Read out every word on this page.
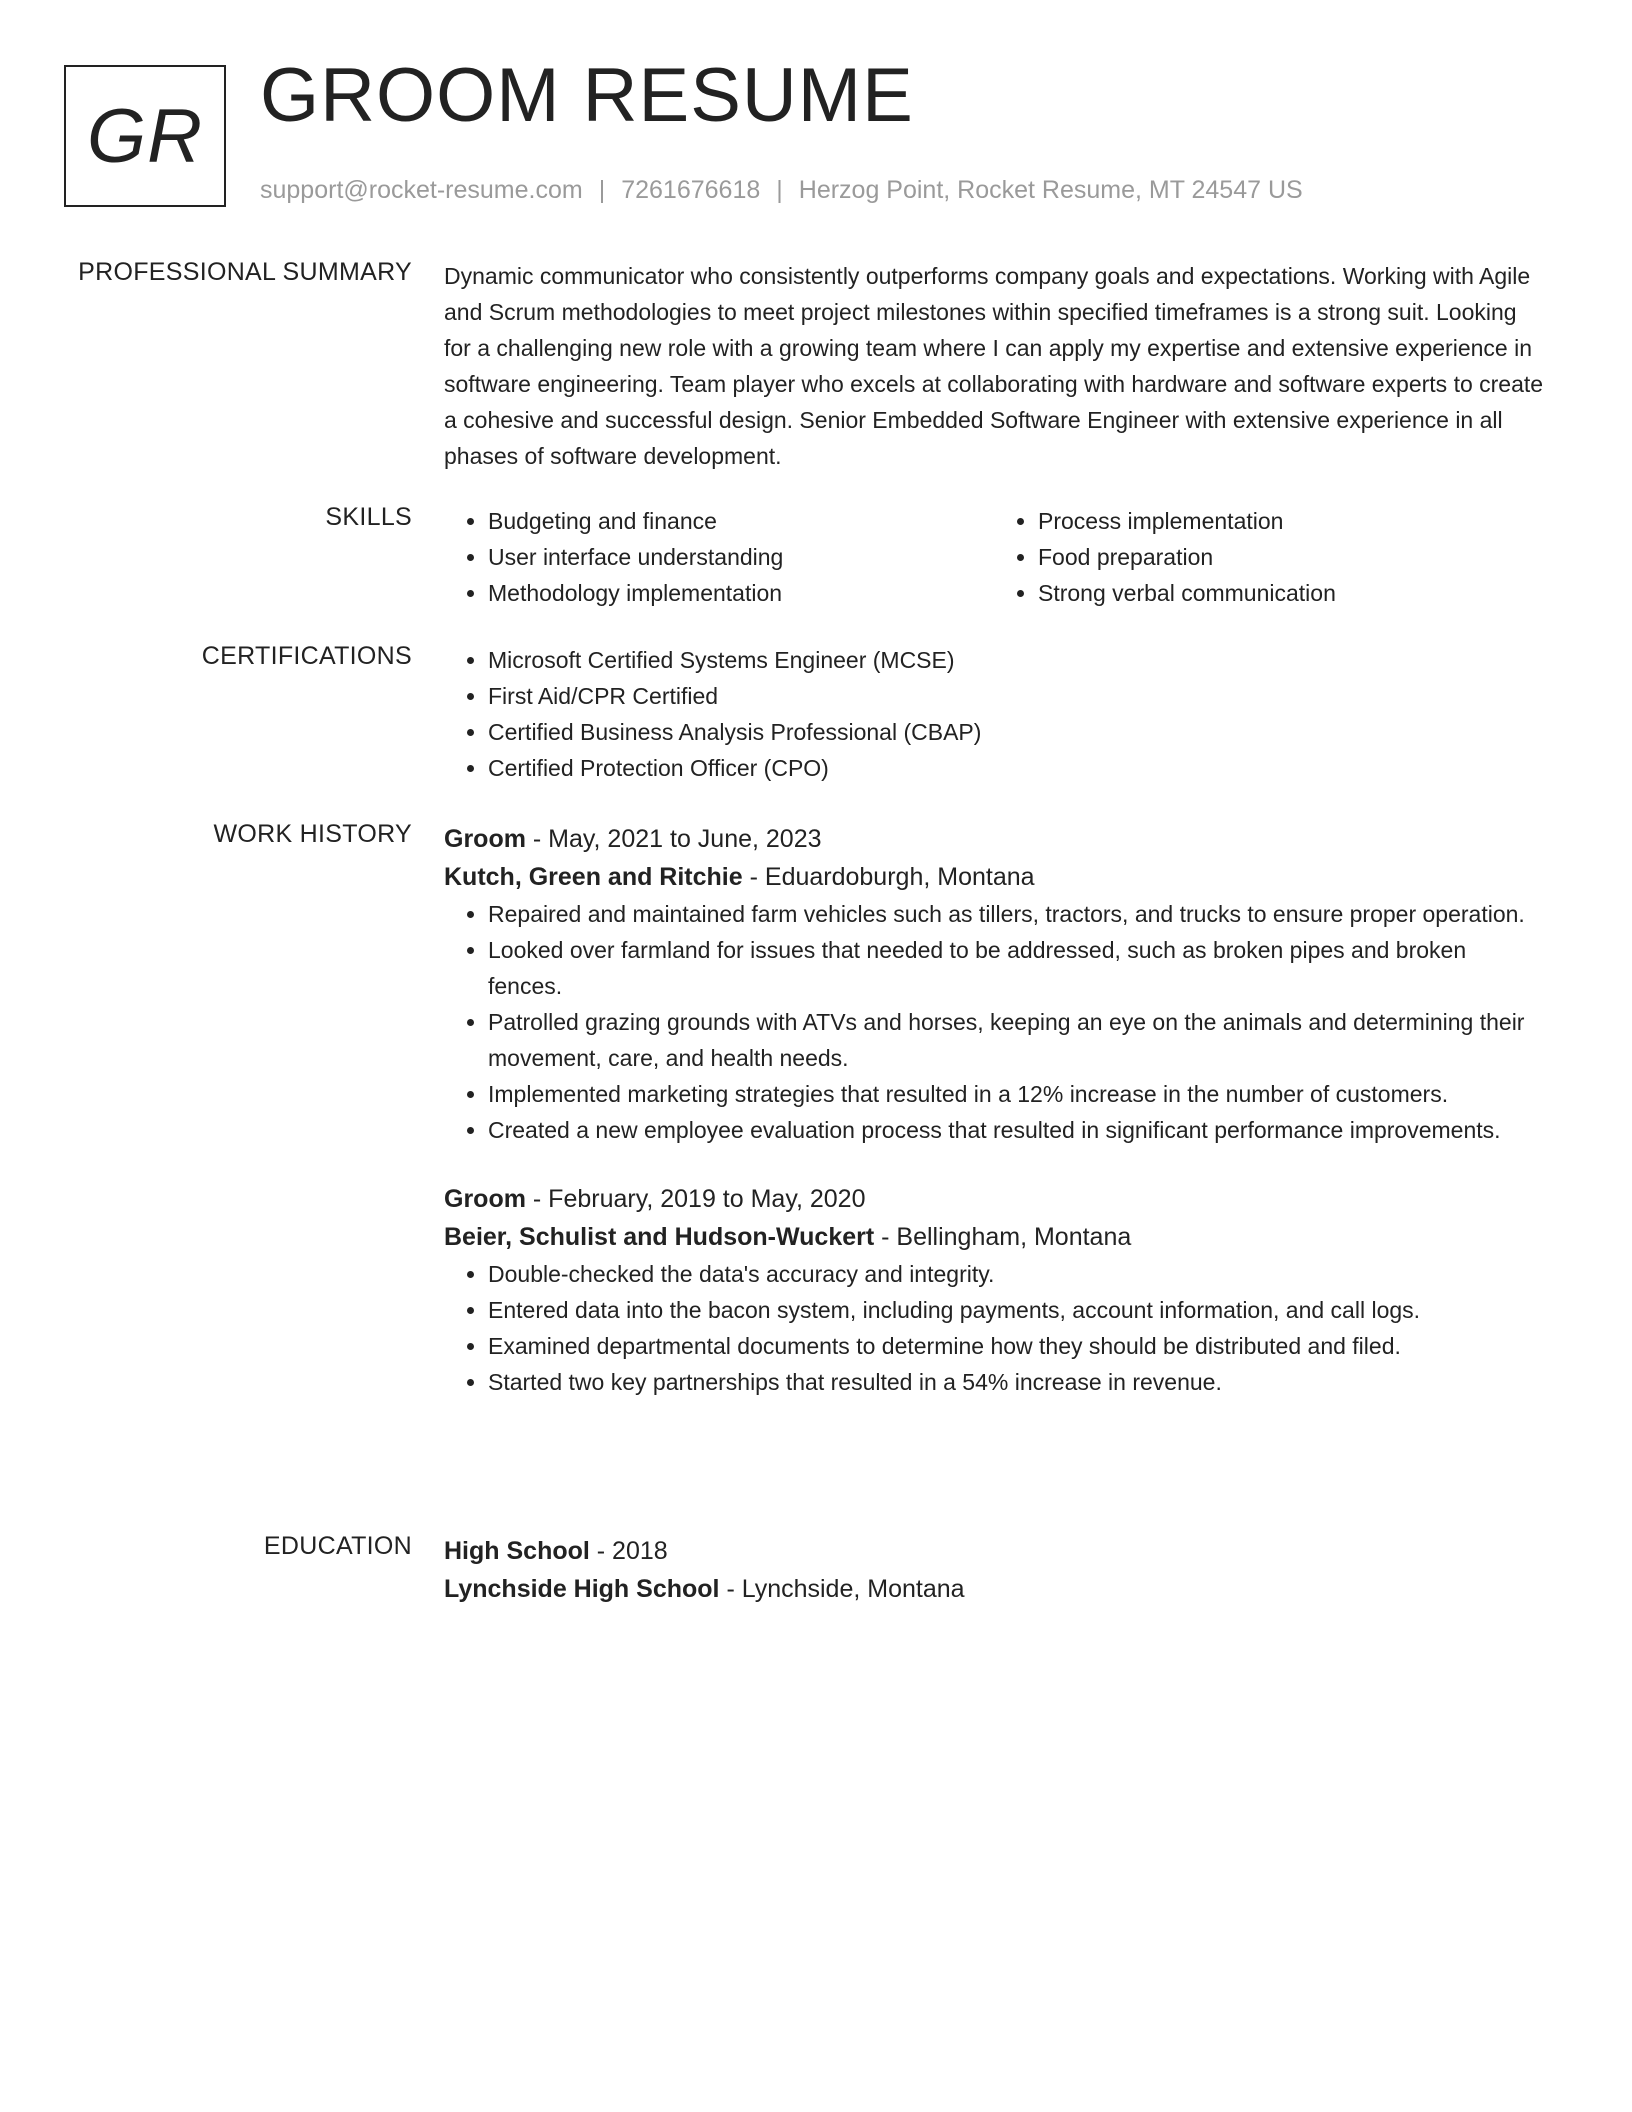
GR GROOM RESUME
support@rocket-resume.com | 7261676618 | Herzog Point, Rocket Resume, MT 24547 US
PROFESSIONAL SUMMARY Dynamic communicator who consistently outperforms company goals and expectations. Working with Agile and Scrum methodologies to meet project milestones within specified timeframes is a strong suit. Looking for a challenging new role with a growing team where I can apply my expertise and extensive experience in software engineering. Team player who excels at collaborating with hardware and software experts to create a cohesive and successful design. Senior Embedded Software Engineer with extensive experience in all phases of software development.

SKILLS	• Budgeting and finance
• User interface understanding
• Methodology implementation
• Process implementation
• Food preparation
• Strong verbal communication
CERTIFICATIONS	• Microsoft Certified Systems Engineer (MCSE)
• First Aid/CPR Certified
• Certified Business Analysis Professional (CBAP)
• Certified Protection Officer (CPO)
WORK HISTORY Groom - May, 2021 to June, 2023

Kutch, Green and Ritchie - Eduardoburgh, Montana

• Repaired and maintained farm vehicles such as tillers, tractors, and trucks to ensure proper operation.
• Looked over farmland for issues that needed to be addressed, such as broken pipes and broken fences.
• Patrolled grazing grounds with ATVs and horses, keeping an eye on the animals and determining their movement, care, and health needs.
• Implemented marketing strategies that resulted in a 12% increase in the number of customers.
• Created a new employee evaluation process that resulted in significant performance improvements.

Groom - February, 2019 to May, 2020

Beier, Schulist and Hudson-Wuckert - Bellingham, Montana

• Double-checked the data's accuracy and integrity.
• Entered data into the bacon system, including payments, account information, and call logs.
• Examined departmental documents to determine how they should be distributed and filed.
• Started two key partnerships that resulted in a 54% increase in revenue.
EDUCATION High School - 2018

Lynchside High School - Lynchside, Montana
